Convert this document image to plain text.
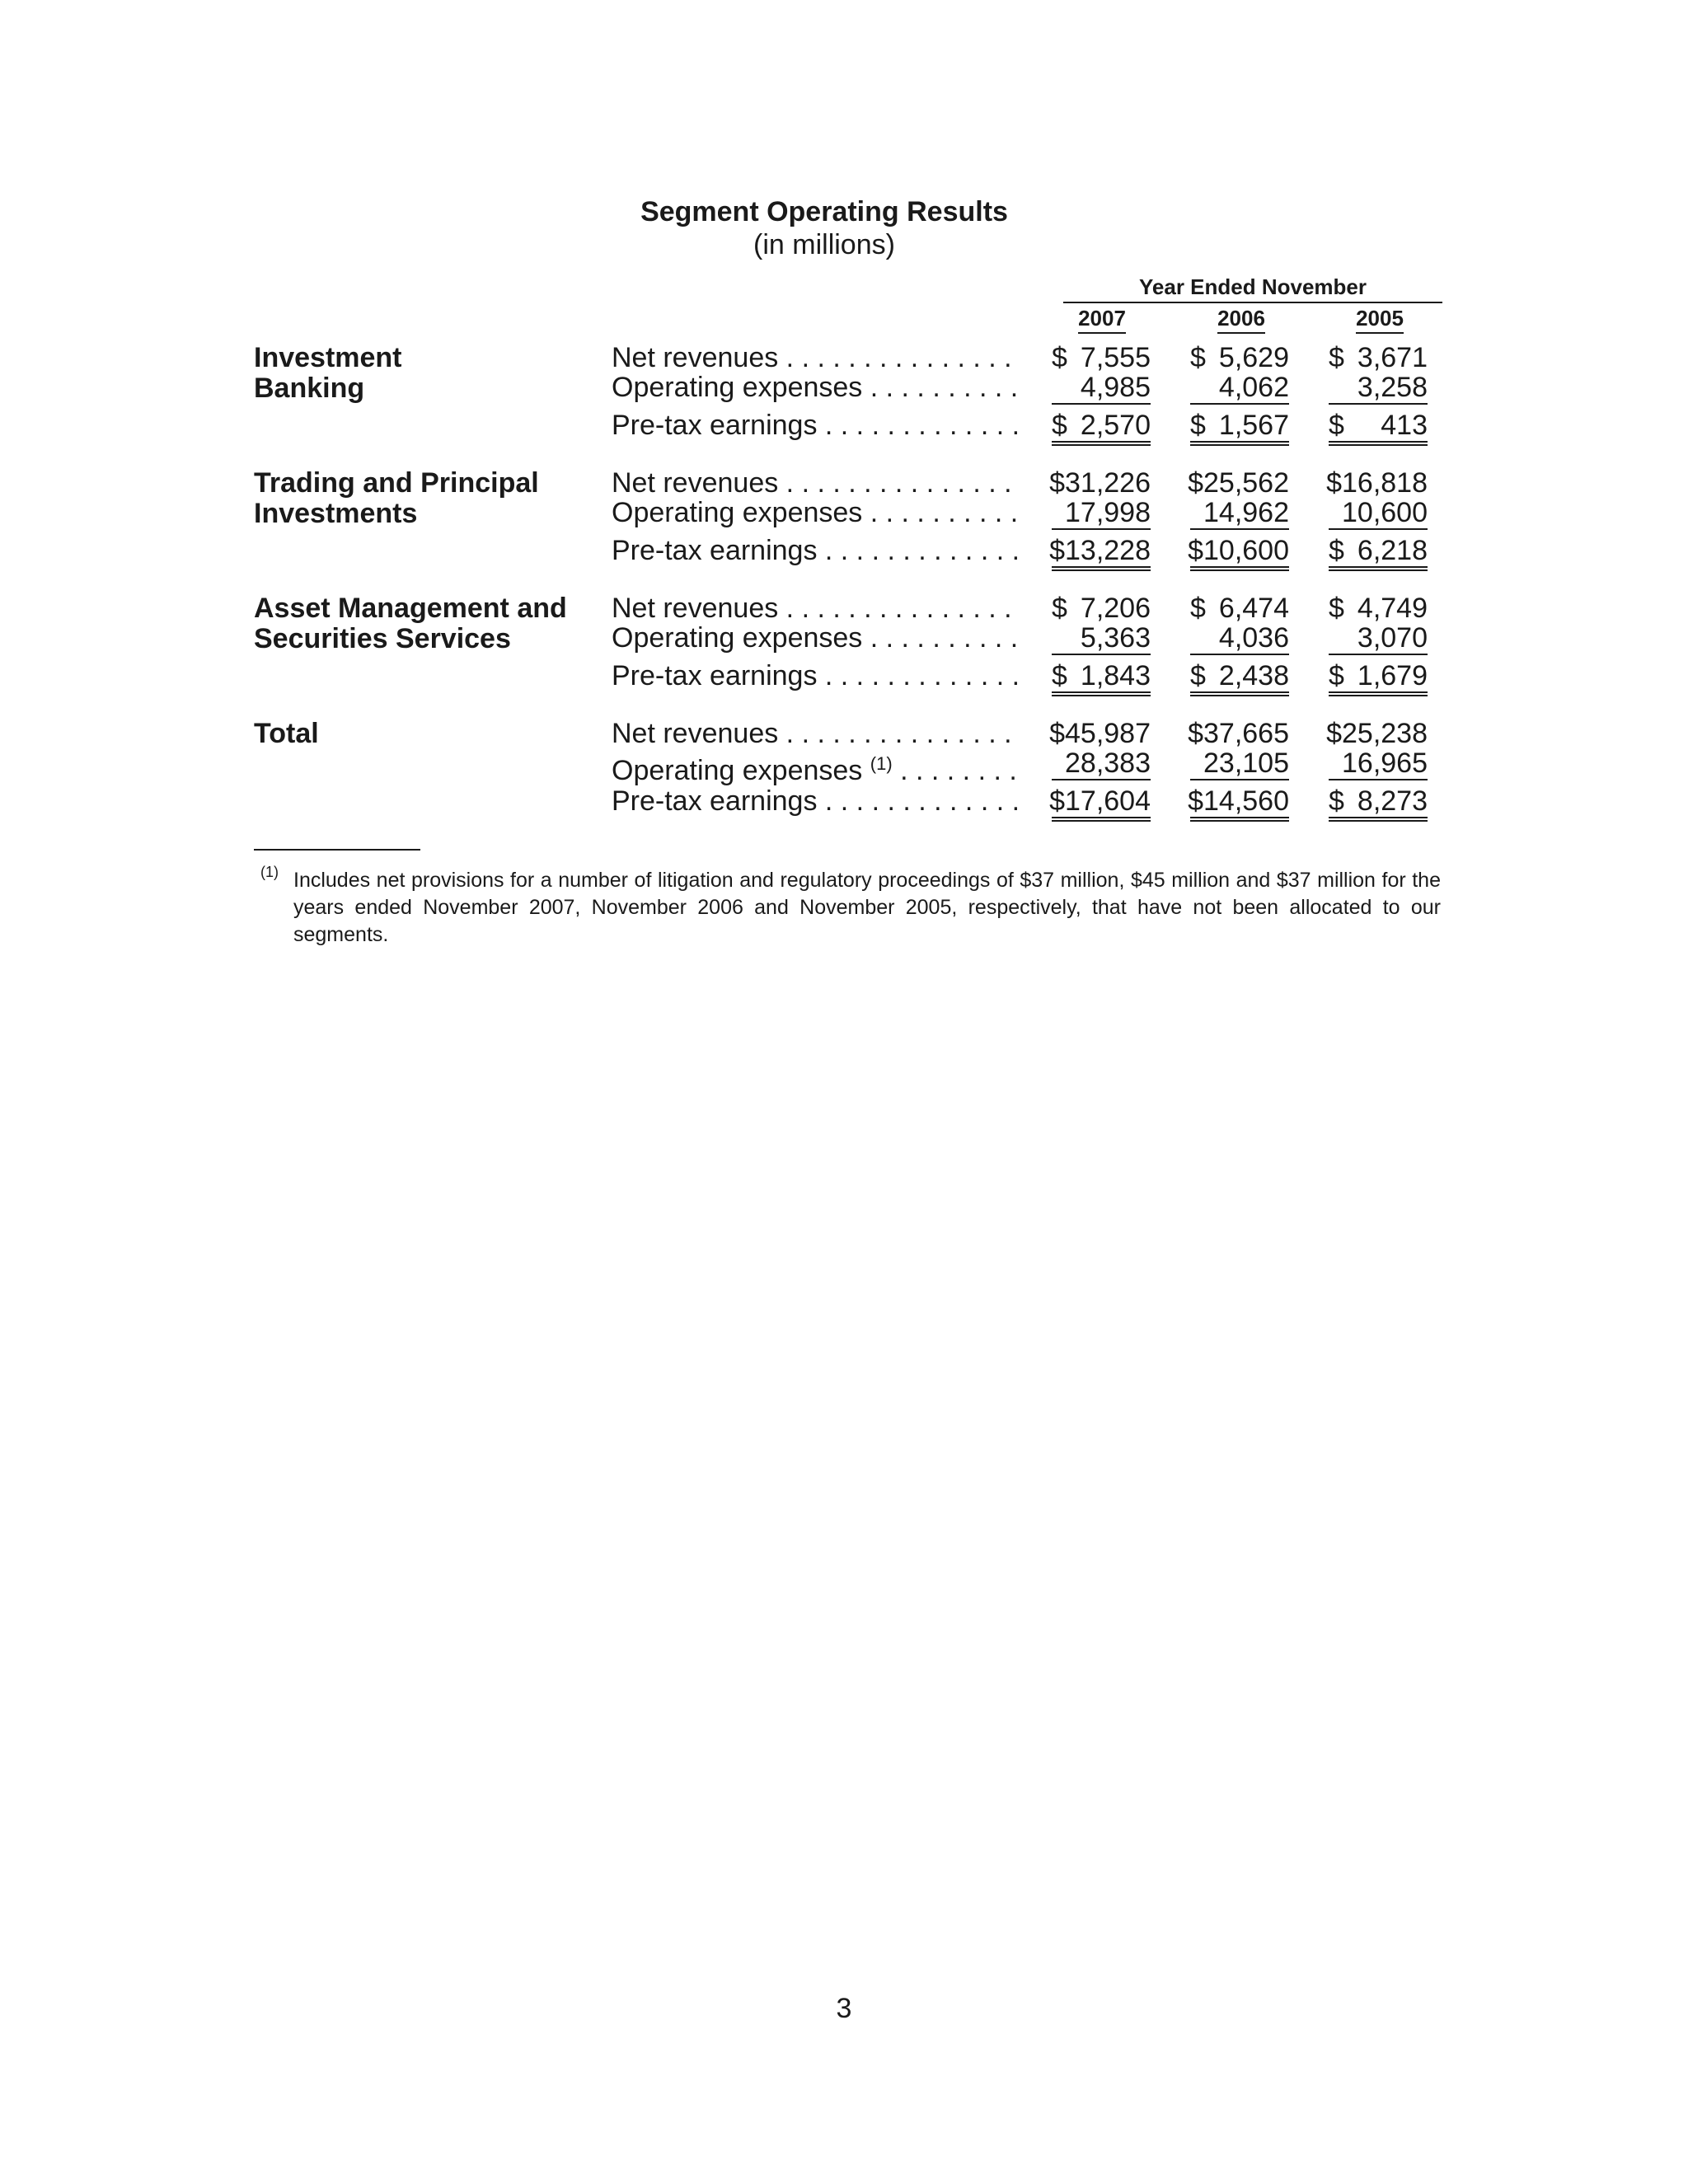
Segment Operating Results
(in millions)
Year Ended November
2007	2006	2005
Investment
Banking
Net revenues . . . . . . . . . . . . . . .	$ 7,555 $ 5,629 $ 3,671
Operating expenses . . . . . . . . . . 4,985 4,062 3,258
Pre-tax earnings . . . . . . . . . . . . . $ 2,570 $ 1,567 $ 413
Trading and Principal
Investments
Net revenues . . . . . . . . . . . . . . .	$31,226 $25,562 $16,818
Operating expenses . . . . . . . . . . 17,998 14,962 10,600
Pre-tax earnings . . . . . . . . . . . . . $13,228 $10,600 $ 6,218
Asset Management and
Securities Services
Net revenues . . . . . . . . . . . . . . .	$ 7,206 $ 6,474 $ 4,749
Operating expenses . . . . . . . . . . 5,363 4,036 3,070
Pre-tax earnings . . . . . . . . . . . . . $ 1,843 $ 2,438 $ 1,679
Total	Net revenues . . . . . . . . . . . . . . .	$45,987 $37,665 $25,238
Operating expenses $^{(1)}$ . . . . . . . . 28,383 23,105 16,965
Pre-tax earnings . . . . . . . . . . . . . $17,604 $14,560 $ 8,273
(1) Includes net provisions for a number of litigation and regulatory proceedings of $37 million, $45 million and $37 million for the years ended November 2007, November 2006 and November 2005, respectively, that have not been allocated to our segments.
3
